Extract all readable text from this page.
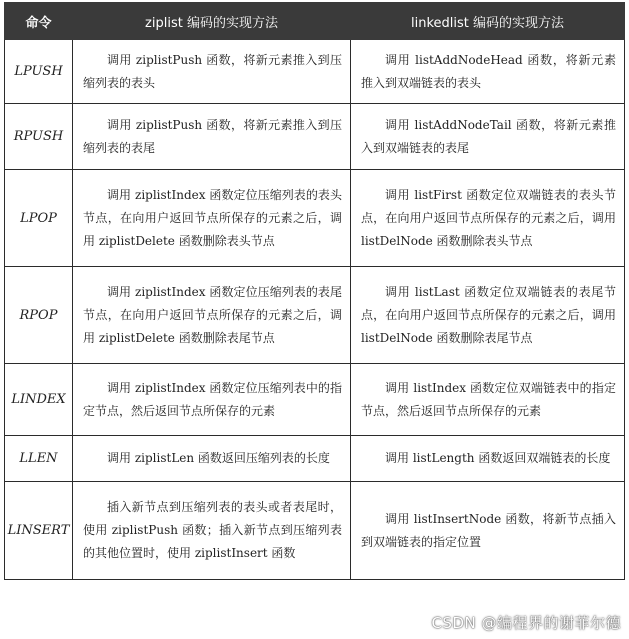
命令	ziplist 编码的实现方法	linkedlist 编码的实现方法
LPUSH	调用 ziplistPush 函数，将新元素推入到压缩列表的表头	调用 listAddNodeHead 函数，将新元素推入到双端链表的表头
RPUSH	调用 ziplistPush 函数，将新元素推入到压缩列表的表尾	调用 listAddNodeTail 函数，将新元素推入到双端链表的表尾
LPOP	调用 ziplistIndex 函数定位压缩列表的表头节点，在向用户返回节点所保存的元素之后，调用 ziplistDelete 函数删除表头节点	调用 listFirst 函数定位双端链表的表头节点，在向用户返回节点所保存的元素之后，调用 listDelNode 函数删除表头节点
RPOP	调用 ziplistIndex 函数定位压缩列表的表尾节点，在向用户返回节点所保存的元素之后，调用 ziplistDelete 函数删除表尾节点	调用 listLast 函数定位双端链表的表尾节点，在向用户返回节点所保存的元素之后，调用 listDelNode 函数删除表尾节点
LINDEX	调用 ziplistIndex 函数定位压缩列表中的指定节点，然后返回节点所保存的元素	调用 listIndex 函数定位双端链表中的指定节点，然后返回节点所保存的元素
LLEN	调用 ziplistLen 函数返回压缩列表的长度	调用 listLength 函数返回双端链表的长度
LINSERT	插入新节点到压缩列表的表头或者表尾时，使用 ziplistPush 函数；插入新节点到压缩列表的其他位置时，使用 ziplistInsert 函数	调用 listInsertNode 函数，将新节点插入到双端链表的指定位置
CSDN @编程界的谢菲尔德
